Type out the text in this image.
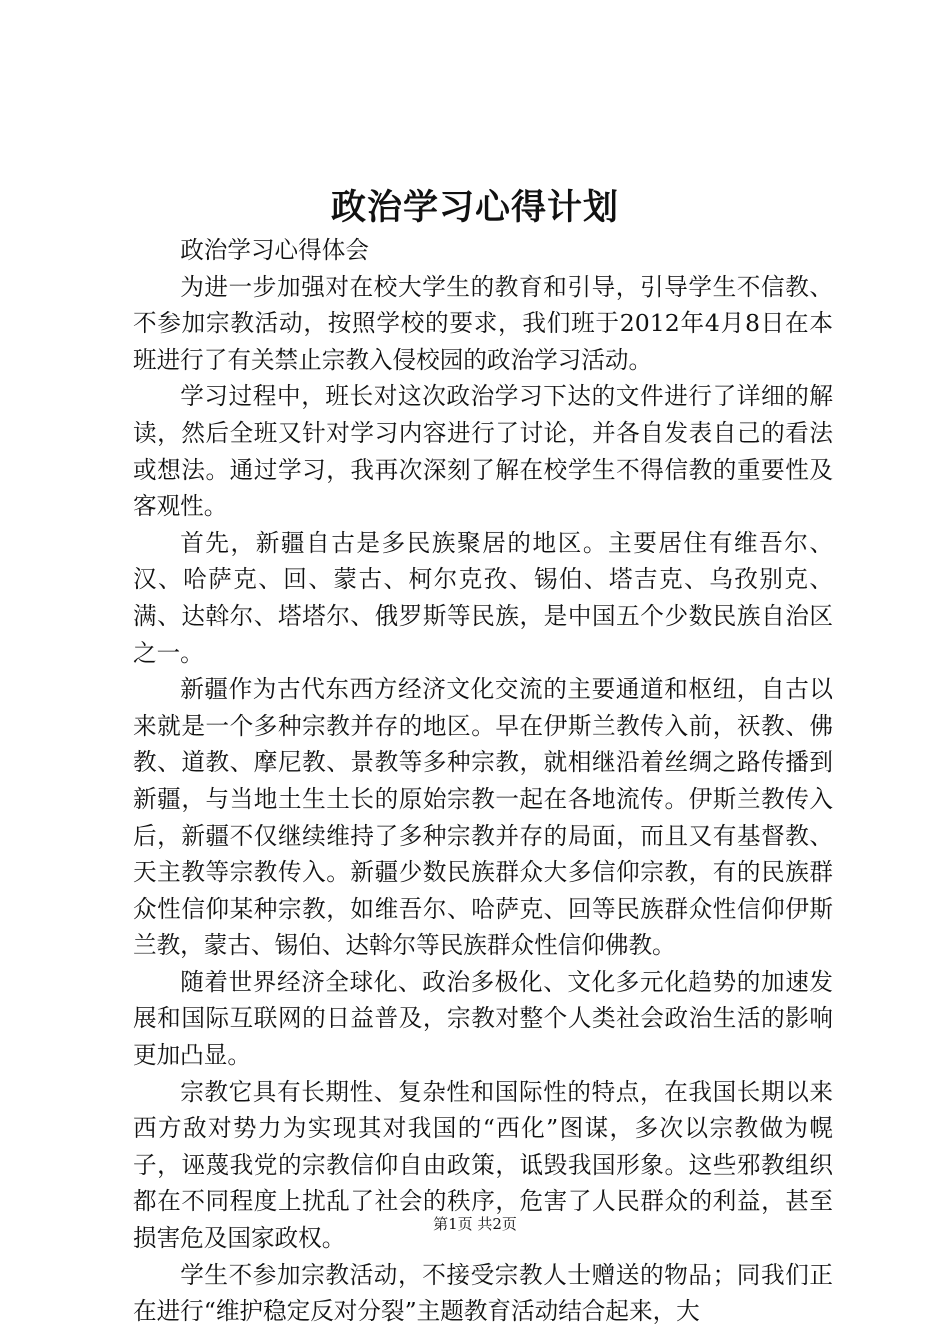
政治学习心得计划

政治学习心得体会

为进一步加强对在校大学生的教育和引导，引导学生不信教、不参加宗教活动，按照学校的要求，我们班于2012年4月8日在本班进行了有关禁止宗教入侵校园的政治学习活动。

学习过程中，班长对这次政治学习下达的文件进行了详细的解读，然后全班又针对学习内容进行了讨论，并各自发表自己的看法或想法。通过学习，我再次深刻了解在校学生不得信教的重要性及客观性。

首先，新疆自古是多民族聚居的地区。主要居住有维吾尔、汉、哈萨克、回、蒙古、柯尔克孜、锡伯、塔吉克、乌孜别克、满、达斡尔、塔塔尔、俄罗斯等民族，是中国五个少数民族自治区之一。

新疆作为古代东西方经济文化交流的主要通道和枢纽，自古以来就是一个多种宗教并存的地区。早在伊斯兰教传入前，祆教、佛教、道教、摩尼教、景教等多种宗教，就相继沿着丝绸之路传播到新疆，与当地土生土长的原始宗教一起在各地流传。伊斯兰教传入后，新疆不仅继续维持了多种宗教并存的局面，而且又有基督教、天主教等宗教传入。新疆少数民族群众大多信仰宗教，有的民族群众性信仰某种宗教，如维吾尔、哈萨克、回等民族群众性信仰伊斯兰教，蒙古、锡伯、达斡尔等民族群众性信仰佛教。

随着世界经济全球化、政治多极化、文化多元化趋势的加速发展和国际互联网的日益普及，宗教对整个人类社会政治生活的影响更加凸显。

宗教它具有长期性、复杂性和国际性的特点，在我国长期以来西方敌对势力为实现其对我国的“西化”图谋，多次以宗教做为幌子，诬蔑我党的宗教信仰自由政策，诋毁我国形象。这些邪教组织都在不同程度上扰乱了社会的秩序，危害了人民群众的利益，甚至损害危及国家政权。

学生不参加宗教活动，不接受宗教人士赠送的物品；同我们正在进行“维护稳定反对分裂”主题教育活动结合起来，大

第1页 共2页
